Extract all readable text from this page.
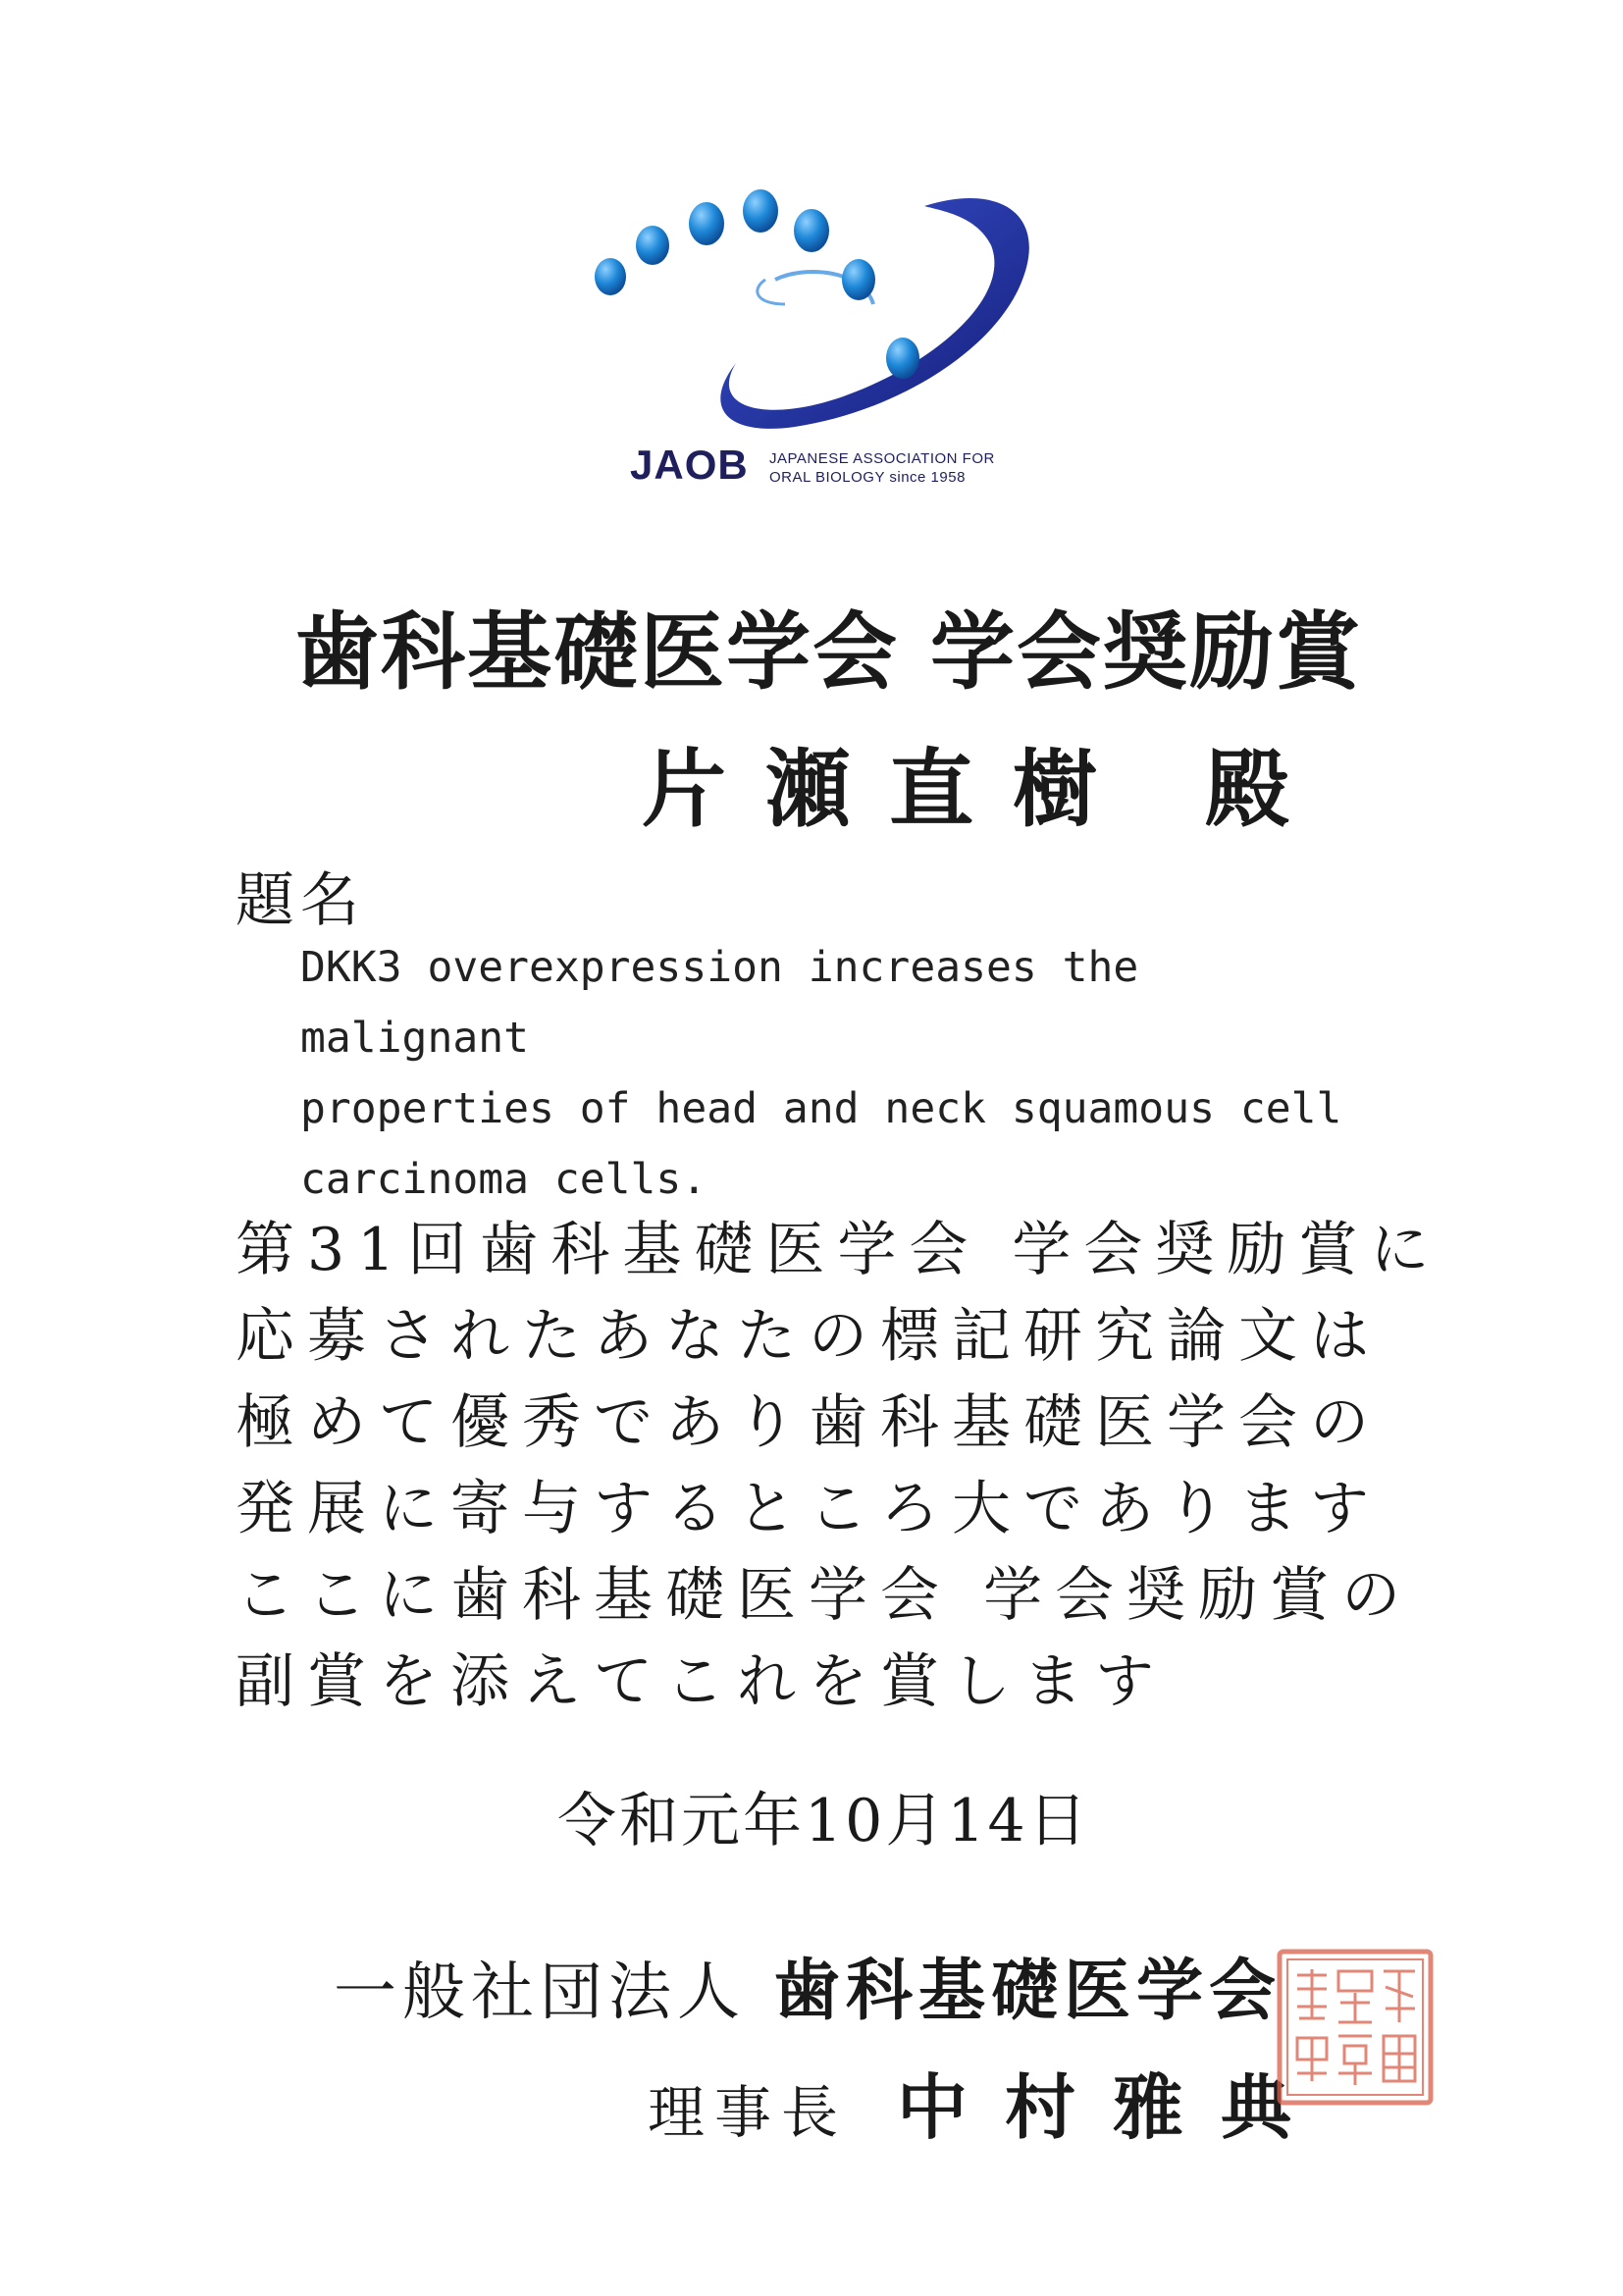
JAOB JAPANESE ASSOCIATION FOR
ORAL BIOLOGY since 1958
歯科基礎医学会 学会奨励賞
片瀬直樹 殿
題名
DKK3 overexpression increases the malignant
properties of head and neck squamous cell
carcinoma cells.
第31回歯科基礎医学会 学会奨励賞に
応募されたあなたの標記研究論文は
極めて優秀であり歯科基礎医学会の
発展に寄与するところ大であります
ここに歯科基礎医学会 学会奨励賞の
副賞を添えてこれを賞します
令和元年10月14日
一般社団法人 歯科基礎医学会
理事長 中村雅典
